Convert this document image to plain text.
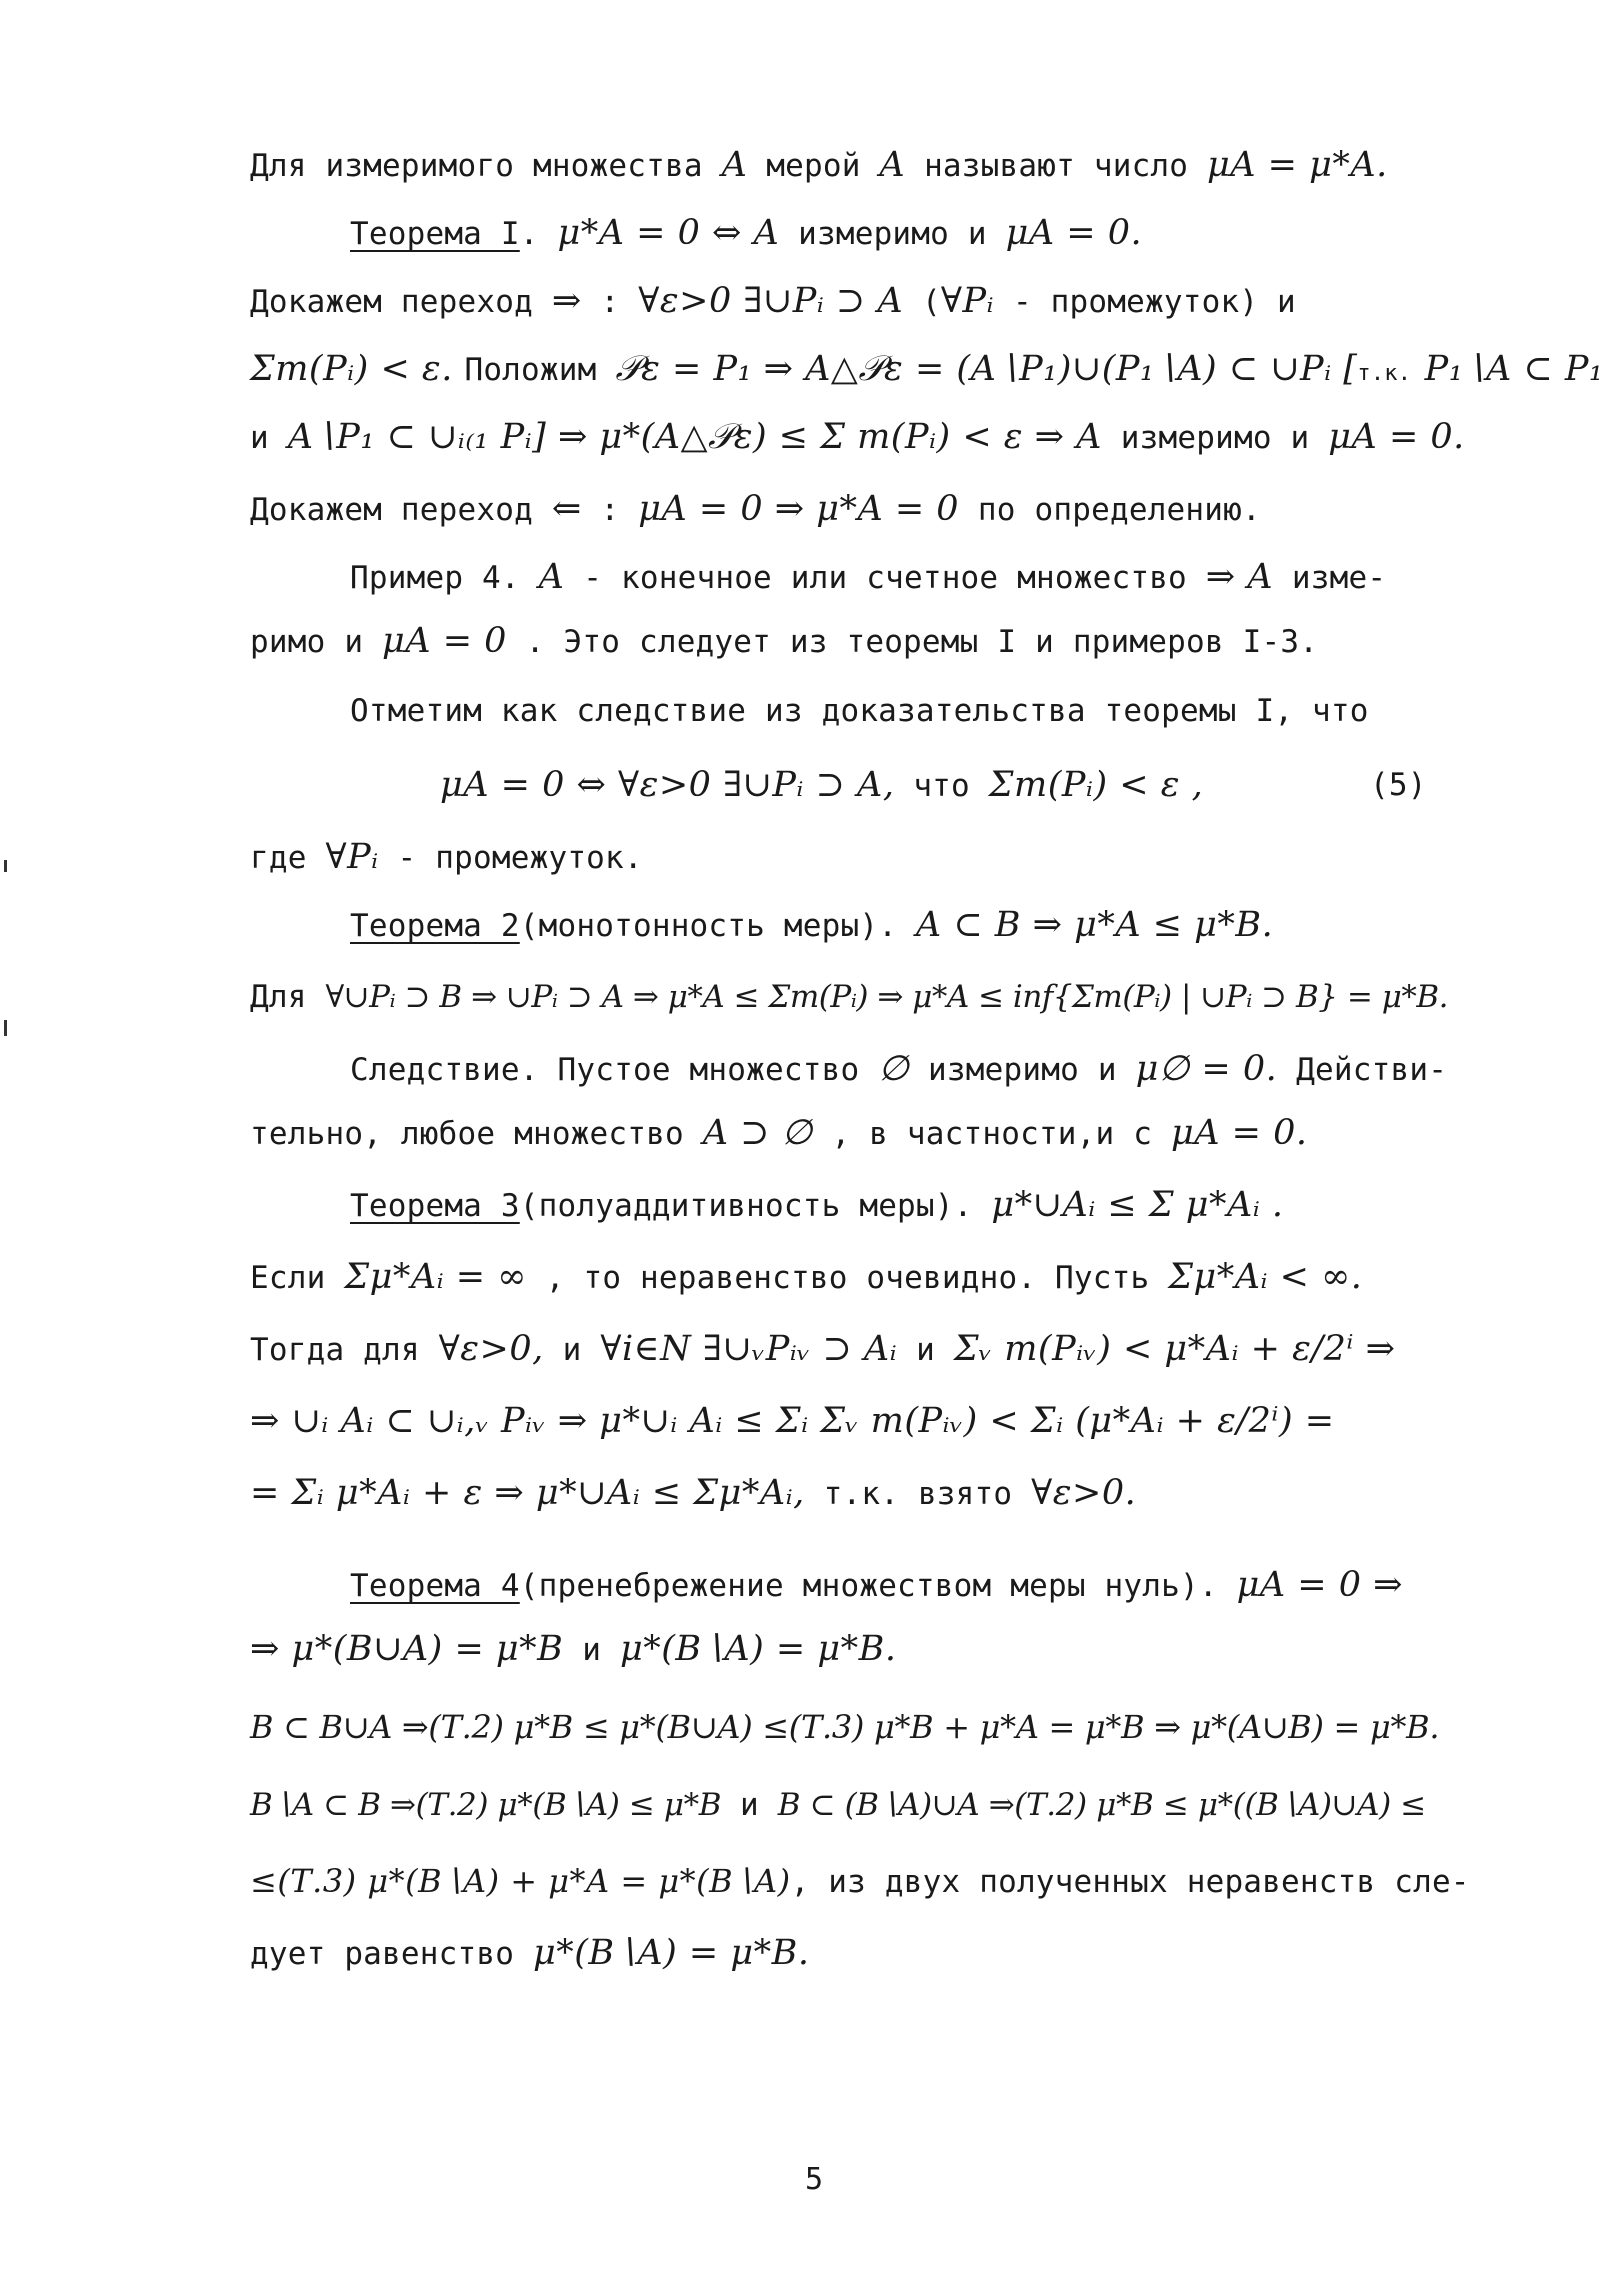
Для измеримого множества A мерой A называют число μA = μ*A.
Теорема I. μ*A = 0 ⇔ A измеримо и μA = 0.
Докажем переход ⇒ : ∀ε>0 ∃∪Pᵢ ⊃ A (∀Pᵢ - промежуток) и
Σm(Pᵢ) < ε. Положим 𝒫ε = P₁ ⇒ A△𝒫ε = (A∖P₁)∪(P₁∖A) ⊂ ∪Pᵢ [т.к. P₁∖A ⊂ P₁
и A∖P₁ ⊂ ∪ᵢ₍₁ Pᵢ] ⇒ μ*(A△𝒫ε) ≤ Σ m(Pᵢ) < ε ⇒ A измеримо и μA = 0.
Докажем переход ⇐ : μA = 0 ⇒ μ*A = 0 по определению.
Пример 4. A - конечное или счетное множество ⇒ A изме-
римо и μA = 0 . Это следует из теоремы I и примеров I-3.
Отметим как следствие из доказательства теоремы I, что
μA = 0 ⇔ ∀ε>0 ∃∪Pᵢ ⊃ A, что Σm(Pᵢ) < ε ,	(5)
где ∀Pᵢ - промежуток.
Теорема 2(монотонность меры). A ⊂ B ⇒ μ*A ≤ μ*B.
Для ∀∪Pᵢ ⊃ B ⇒ ∪Pᵢ ⊃ A ⇒ μ*A ≤ Σm(Pᵢ) ⇒ μ*A ≤ inf{Σm(Pᵢ) | ∪Pᵢ ⊃ B} = μ*B.
Следствие. Пустое множество ∅ измеримо и μ∅ = 0. Действи-
тельно, любое множество A ⊃ ∅ , в частности,и с μA = 0.
Теорема 3(полуаддитивность меры). μ*∪Aᵢ ≤ Σ μ*Aᵢ .
Если Σμ*Aᵢ = ∞ , то неравенство очевидно. Пусть Σμ*Aᵢ < ∞.
Тогда для ∀ε>0, и ∀i∈N ∃∪ᵥPᵢᵥ ⊃ Aᵢ и Σᵥ m(Pᵢᵥ) < μ*Aᵢ + ε/2ⁱ ⇒
⇒ ∪ᵢ Aᵢ ⊂ ∪ᵢ,ᵥ Pᵢᵥ ⇒ μ*∪ᵢ Aᵢ ≤ Σᵢ Σᵥ m(Pᵢᵥ) < Σᵢ (μ*Aᵢ + ε/2ⁱ) =
= Σᵢ μ*Aᵢ + ε ⇒ μ*∪Aᵢ ≤ Σμ*Aᵢ, т.к. взято ∀ε>0.
Теорема 4(пренебрежение множеством меры нуль). μA = 0 ⇒
⇒ μ*(B∪A) = μ*B и μ*(B∖A) = μ*B.
B ⊂ B∪A ⇒(Т.2) μ*B ≤ μ*(B∪A) ≤(Т.3) μ*B + μ*A = μ*B ⇒ μ*(A∪B) = μ*B.
B∖A ⊂ B ⇒(Т.2) μ*(B∖A) ≤ μ*B и B ⊂ (B∖A)∪A ⇒(Т.2) μ*B ≤ μ*((B∖A)∪A) ≤
≤(Т.3) μ*(B∖A) + μ*A = μ*(B∖A), из двух полученных неравенств сле-
дует равенство μ*(B∖A) = μ*B.
5
